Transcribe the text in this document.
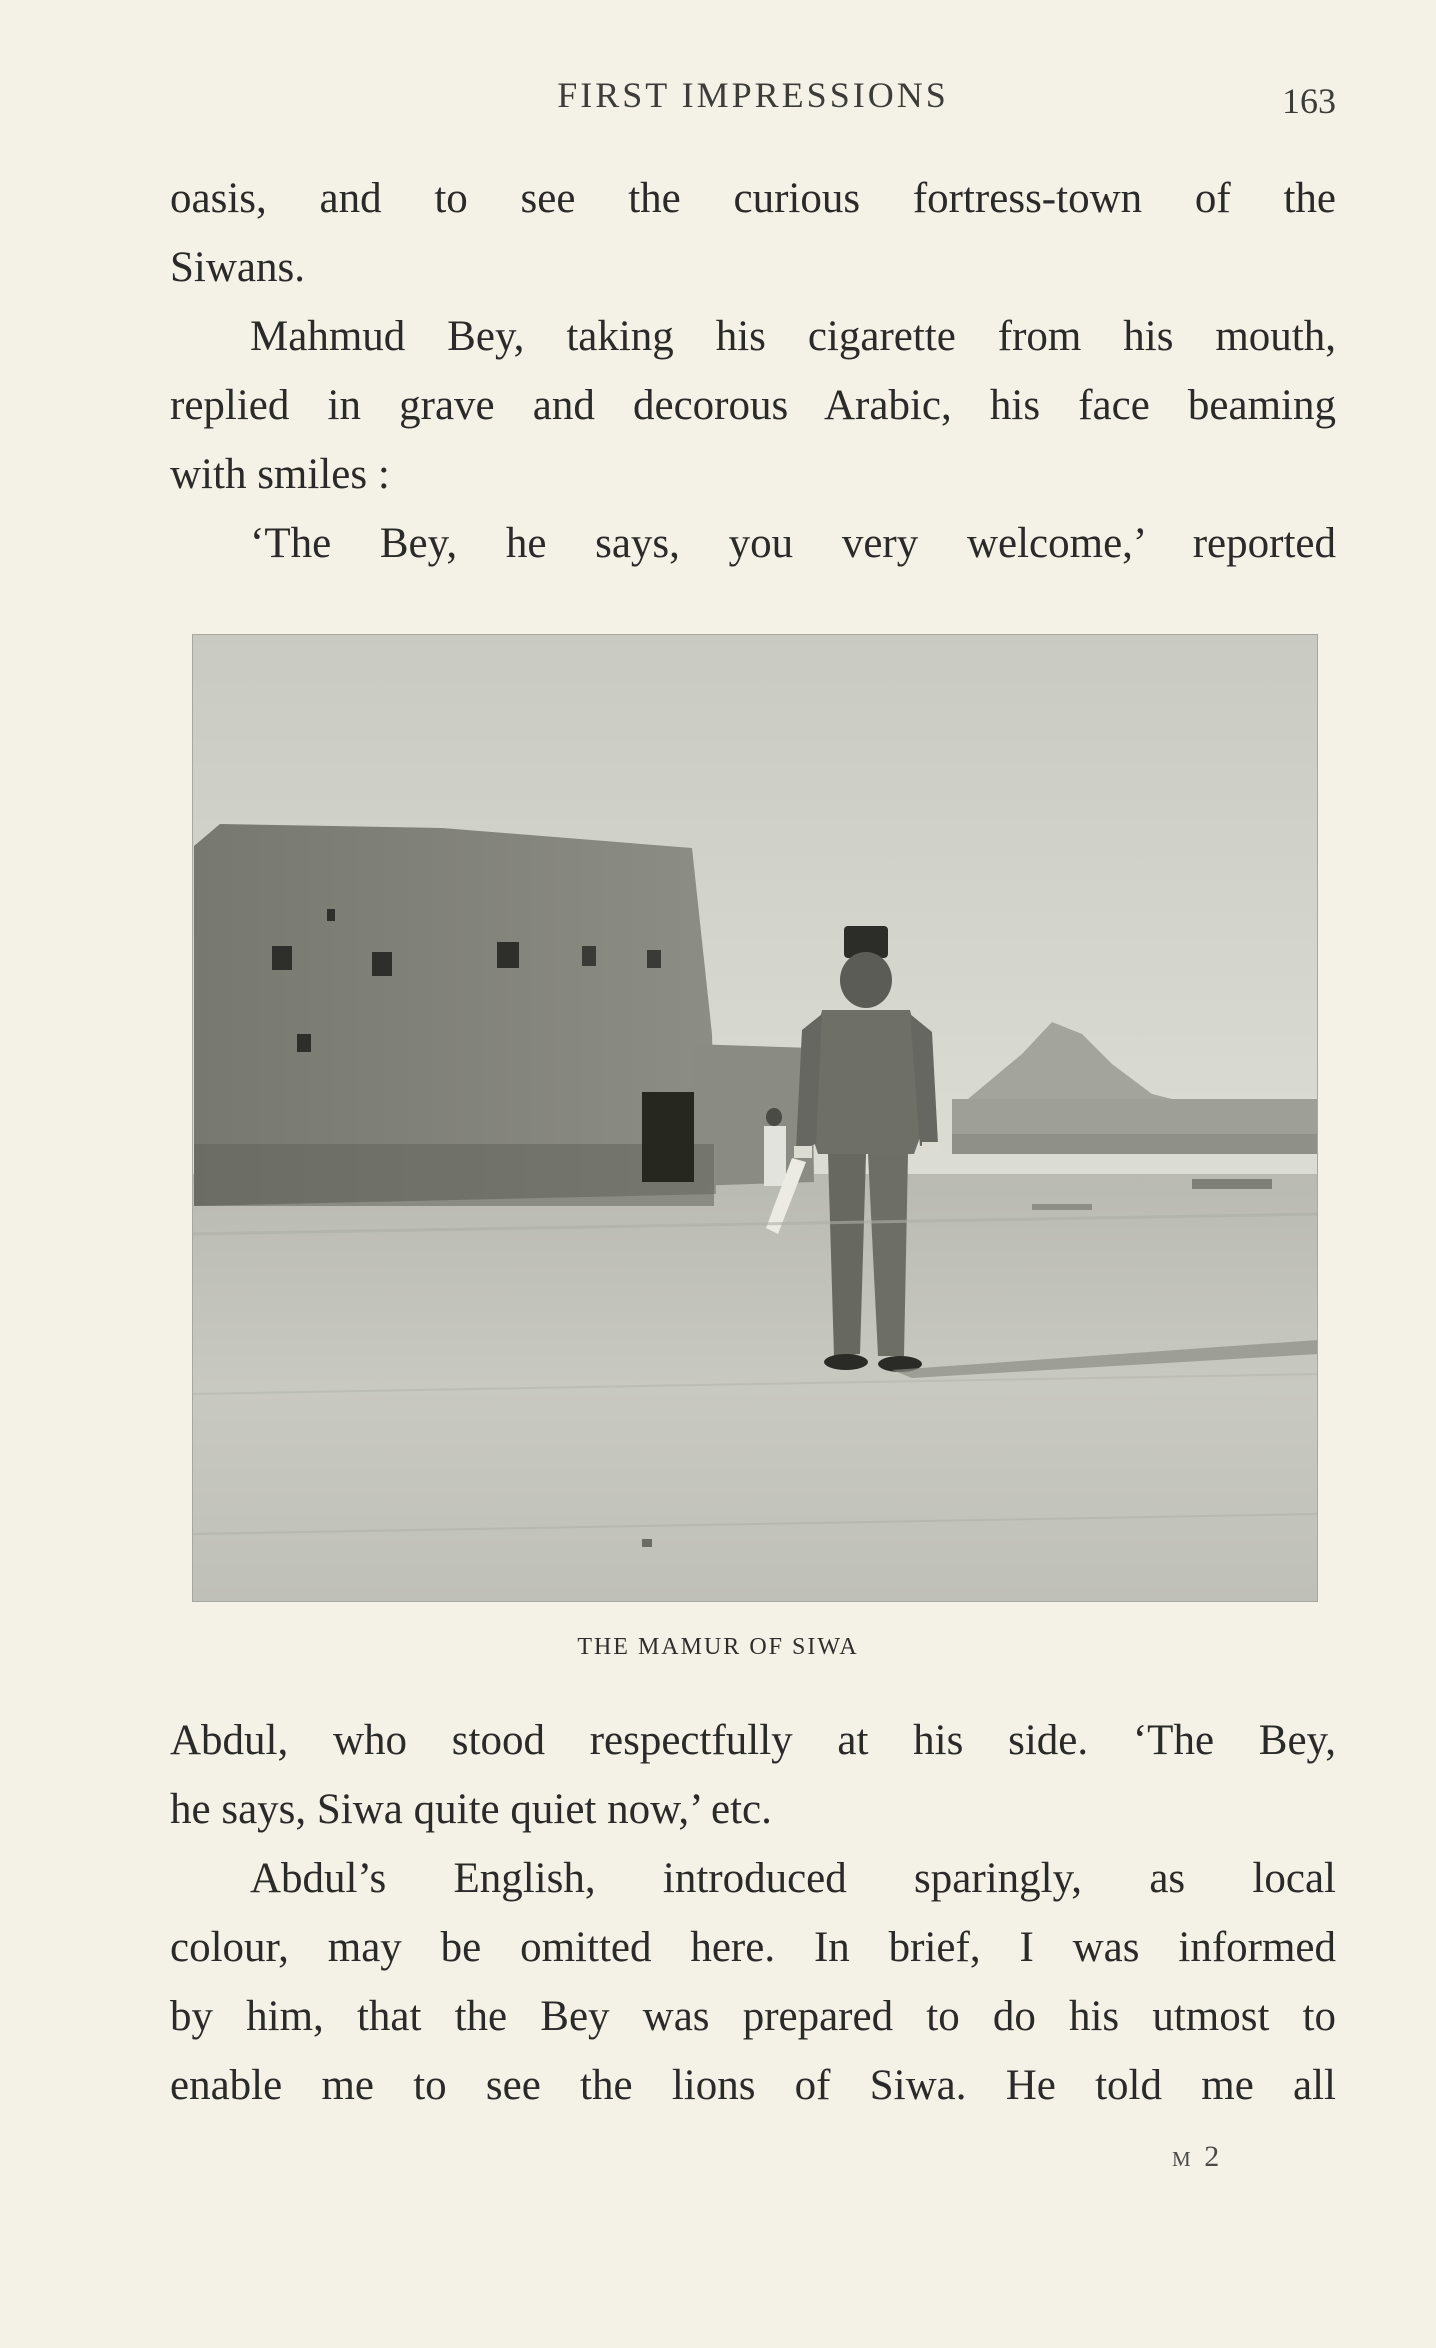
FIRST IMPRESSIONS	163
oasis, and to see the curious fortress-town of the
Siwans.
Mahmud Bey, taking his cigarette from his mouth,
replied in grave and decorous Arabic, his face beaming
with smiles :
‘The Bey, he says, you very welcome,’ reported
THE MAMUR OF SIWA
Abdul, who stood respectfully at his side. ‘The Bey,
he says, Siwa quite quiet now,’ etc.
Abdul’s English, introduced sparingly, as local
colour, may be omitted here. In brief, I was informed
by him, that the Bey was prepared to do his utmost to
enable me to see the lions of Siwa. He told me all
M 2
